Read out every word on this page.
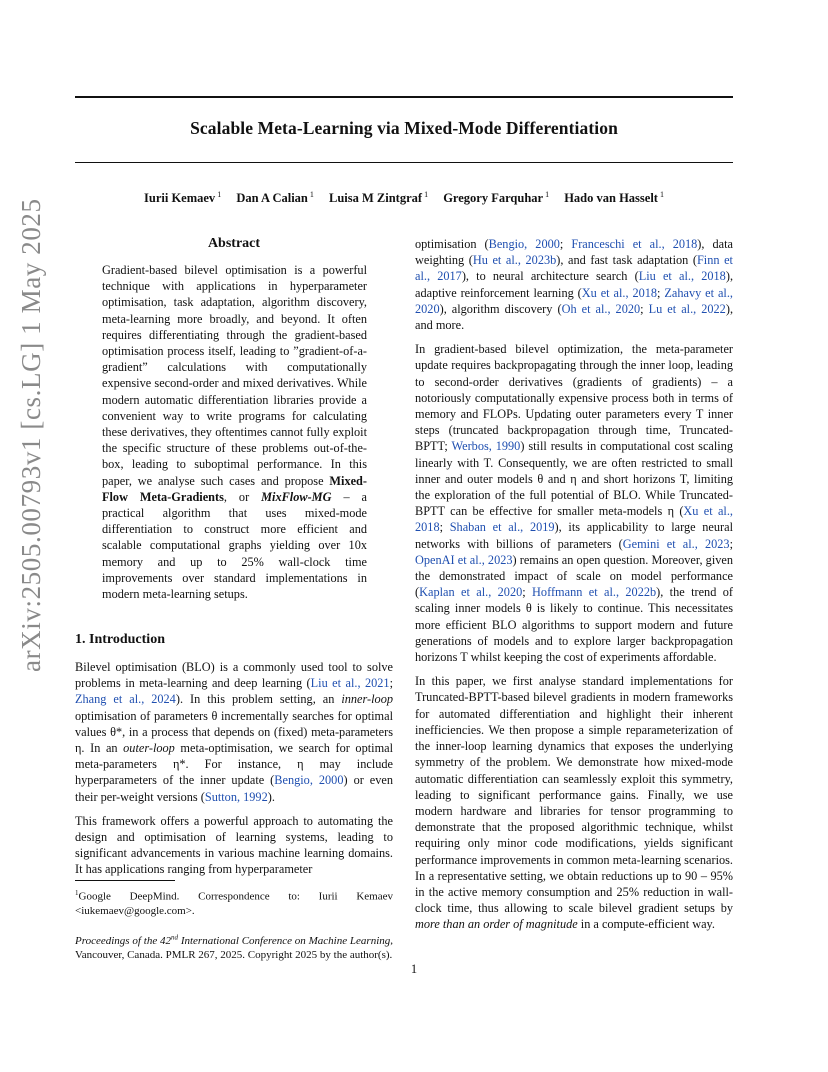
Scalable Meta-Learning via Mixed-Mode Differentiation
Iurii Kemaev $^1$ Dan A Calian $^1$ Luisa M Zintgraf $^1$ Gregory Farquhar $^1$ Hado van Hasselt $^1$
arXiv:2505.00793v1 [cs.LG] 1 May 2025	Abstract
Gradient-based bilevel optimisation is a powerful technique with applications in hyperparameter optimisation, task adaptation, algorithm discovery, meta-learning more broadly, and beyond. It often requires differentiating through the gradient-based optimisation process itself, leading to ”gradient-of-a-gradient” calculations with computationally expensive second-order and mixed derivatives. While modern automatic differentiation libraries provide a convenient way to write programs for calculating these derivatives, they oftentimes cannot fully exploit the specific structure of these problems out-of-the-box, leading to suboptimal performance. In this paper, we analyse such cases and propose Mixed-Flow Meta-Gradients, or MixFlow-MG – a practical algorithm that uses mixed-mode differentiation to construct more efficient and scalable computational graphs yielding over 10x memory and up to 25% wall-clock time improvements over standard implementations in modern meta-learning setups.
1. Introduction

Bilevel optimisation (BLO) is a commonly used tool to solve problems in meta-learning and deep learning (Liu et al., 2021; Zhang et al., 2024). In this problem setting, an inner-loop optimisation of parameters θ incrementally searches for optimal values θ*, in a process that depends on (fixed) meta-parameters η. In an outer-loop meta-optimisation, we search for optimal meta-parameters η*. For instance, η may include hyperparameters of the inner update (Bengio, 2000) or even their per-weight versions (Sutton, 1992).

This framework offers a powerful approach to automating the design and optimisation of learning systems, leading to significant advancements in various machine learning domains. It has applications ranging from hyperparameter

$^1$Google DeepMind. Correspondence to: Iurii Kemaev <iukemaev@google.com>.
Proceedings of the 42nd International Conference on Machine Learning, Vancouver, Canada. PMLR 267, 2025. Copyright 2025 by the author(s).

optimisation (Bengio, 2000; Franceschi et al., 2018), data weighting (Hu et al., 2023b), and fast task adaptation (Finn et al., 2017), to neural architecture search (Liu et al., 2018), adaptive reinforcement learning (Xu et al., 2018; Zahavy et al., 2020), algorithm discovery (Oh et al., 2020; Lu et al., 2022), and more.

In gradient-based bilevel optimization, the meta-parameter update requires backpropagating through the inner loop, leading to second-order derivatives (gradients of gradients) – a notoriously computationally expensive process both in terms of memory and FLOPs. Updating outer parameters every T inner steps (truncated backpropagation through time, Truncated-BPTT; Werbos, 1990) still results in computational cost scaling linearly with T. Consequently, we are often restricted to small inner and outer models θ and η and short horizons T, limiting the exploration of the full potential of BLO. While Truncated-BPTT can be effective for smaller meta-models η (Xu et al., 2018; Shaban et al., 2019), its applicability to large neural networks with billions of parameters (Gemini et al., 2023; OpenAI et al., 2023) remains an open question. Moreover, given the demonstrated impact of scale on model performance (Kaplan et al., 2020; Hoffmann et al., 2022b), the trend of scaling inner models θ is likely to continue. This necessitates more efficient BLO algorithms to support modern and future generations of models and to explore larger backpropagation horizons T whilst keeping the cost of experiments affordable.

In this paper, we first analyse standard implementations for Truncated-BPTT-based bilevel gradients in modern frameworks for automated differentiation and highlight their inherent inefficiencies. We then propose a simple reparameterization of the inner-loop learning dynamics that exposes the underlying symmetry of the problem. We demonstrate how mixed-mode automatic differentiation can seamlessly exploit this symmetry, leading to significant performance gains. Finally, we use modern hardware and libraries for tensor programming to demonstrate that the proposed algorithmic technique, whilst requiring only minor code modifications, yields significant performance improvements in common meta-learning scenarios. In a representative setting, we obtain reductions up to 90 – 95% in the active memory consumption and 25% reduction in wall-clock time, thus allowing to scale bilevel gradient setups by more than an order of magnitude in a compute-efficient way.

1
